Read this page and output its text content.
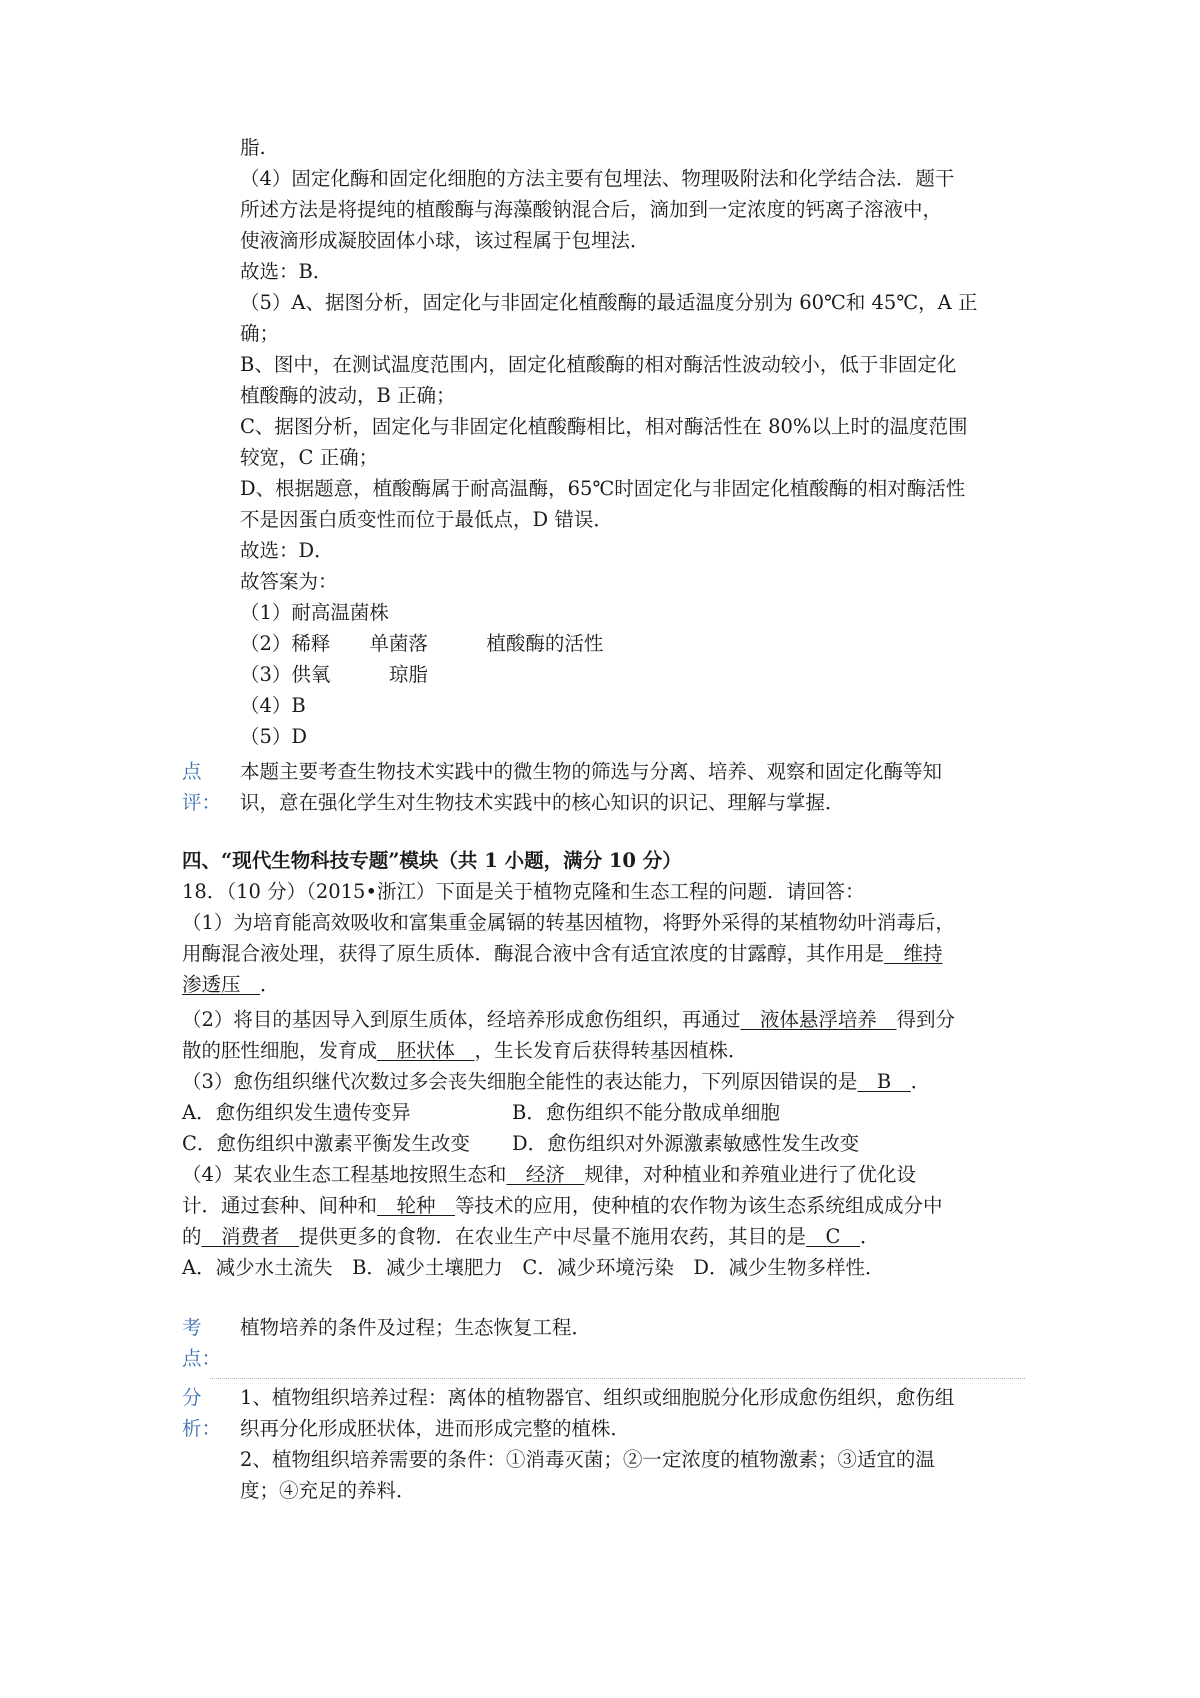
脂.
（4）固定化酶和固定化细胞的方法主要有包埋法、物理吸附法和化学结合法．题干
所述方法是将提纯的植酸酶与海藻酸钠混合后，滴加到一定浓度的钙离子溶液中，
使液滴形成凝胶固体小球，该过程属于包埋法．
故选：B．
（5）A、据图分析，固定化与非固定化植酸酶的最适温度分别为 60℃和 45℃，A 正
确；
B、图中，在测试温度范围内，固定化植酸酶的相对酶活性波动较小，低于非固定化
植酸酶的波动，B 正确；
C、据图分析，固定化与非固定化植酸酶相比，相对酶活性在 80%以上时的温度范围
较宽，C 正确；
D、根据题意，植酸酶属于耐高温酶，65℃时固定化与非固定化植酸酶的相对酶活性
不是因蛋白质变性而位于最低点，D 错误．
故选：D．
故答案为：
（1）耐高温菌株
（2）稀释　　单菌落　　　植酸酶的活性
（3）供氧　　　琼脂
（4）B
（5）D
点
评：
本题主要考查生物技术实践中的微生物的筛选与分离、培养、观察和固定化酶等知
识，意在强化学生对生物技术实践中的核心知识的识记、理解与掌握．
四、“现代生物科技专题”模块（共 1 小题，满分 10 分）
18．（10 分）（2015•浙江）下面是关于植物克隆和生态工程的问题．请回答：
（1）为培育能高效吸收和富集重金属镉的转基因植物，将野外采得的某植物幼叶消毒后，
用酶混合液处理，获得了原生质体．酶混合液中含有适宜浓度的甘露醇，其作用是　维持
渗透压　．
（2）将目的基因导入到原生质体，经培养形成愈伤组织，再通过　液体悬浮培养　得到分
散的胚性细胞，发育成　胚状体　，生长发育后获得转基因植株．
（3）愈伤组织继代次数过多会丧失细胞全能性的表达能力，下列原因错误的是　B　．
A．愈伤组织发生遗传变异	B．愈伤组织不能分散成单细胞
C．愈伤组织中激素平衡发生改变 D．愈伤组织对外源激素敏感性发生改变
（4）某农业生态工程基地按照生态和　经济　规律，对种植业和养殖业进行了优化设
计．通过套种、间种和　轮种　等技术的应用，使种植的农作物为该生态系统组成成分中
的　消费者　提供更多的食物．在农业生产中尽量不施用农药，其目的是　C　．
A．减少水土流失　B．减少土壤肥力　C．减少环境污染　D．减少生物多样性．
考
点：
植物培养的条件及过程；生态恢复工程．
分
析：
1、植物组织培养过程：离体的植物器官、组织或细胞脱分化形成愈伤组织，愈伤组
织再分化形成胚状体，进而形成完整的植株．
2、植物组织培养需要的条件：①消毒灭菌；②一定浓度的植物激素；③适宜的温
度；④充足的养料．
